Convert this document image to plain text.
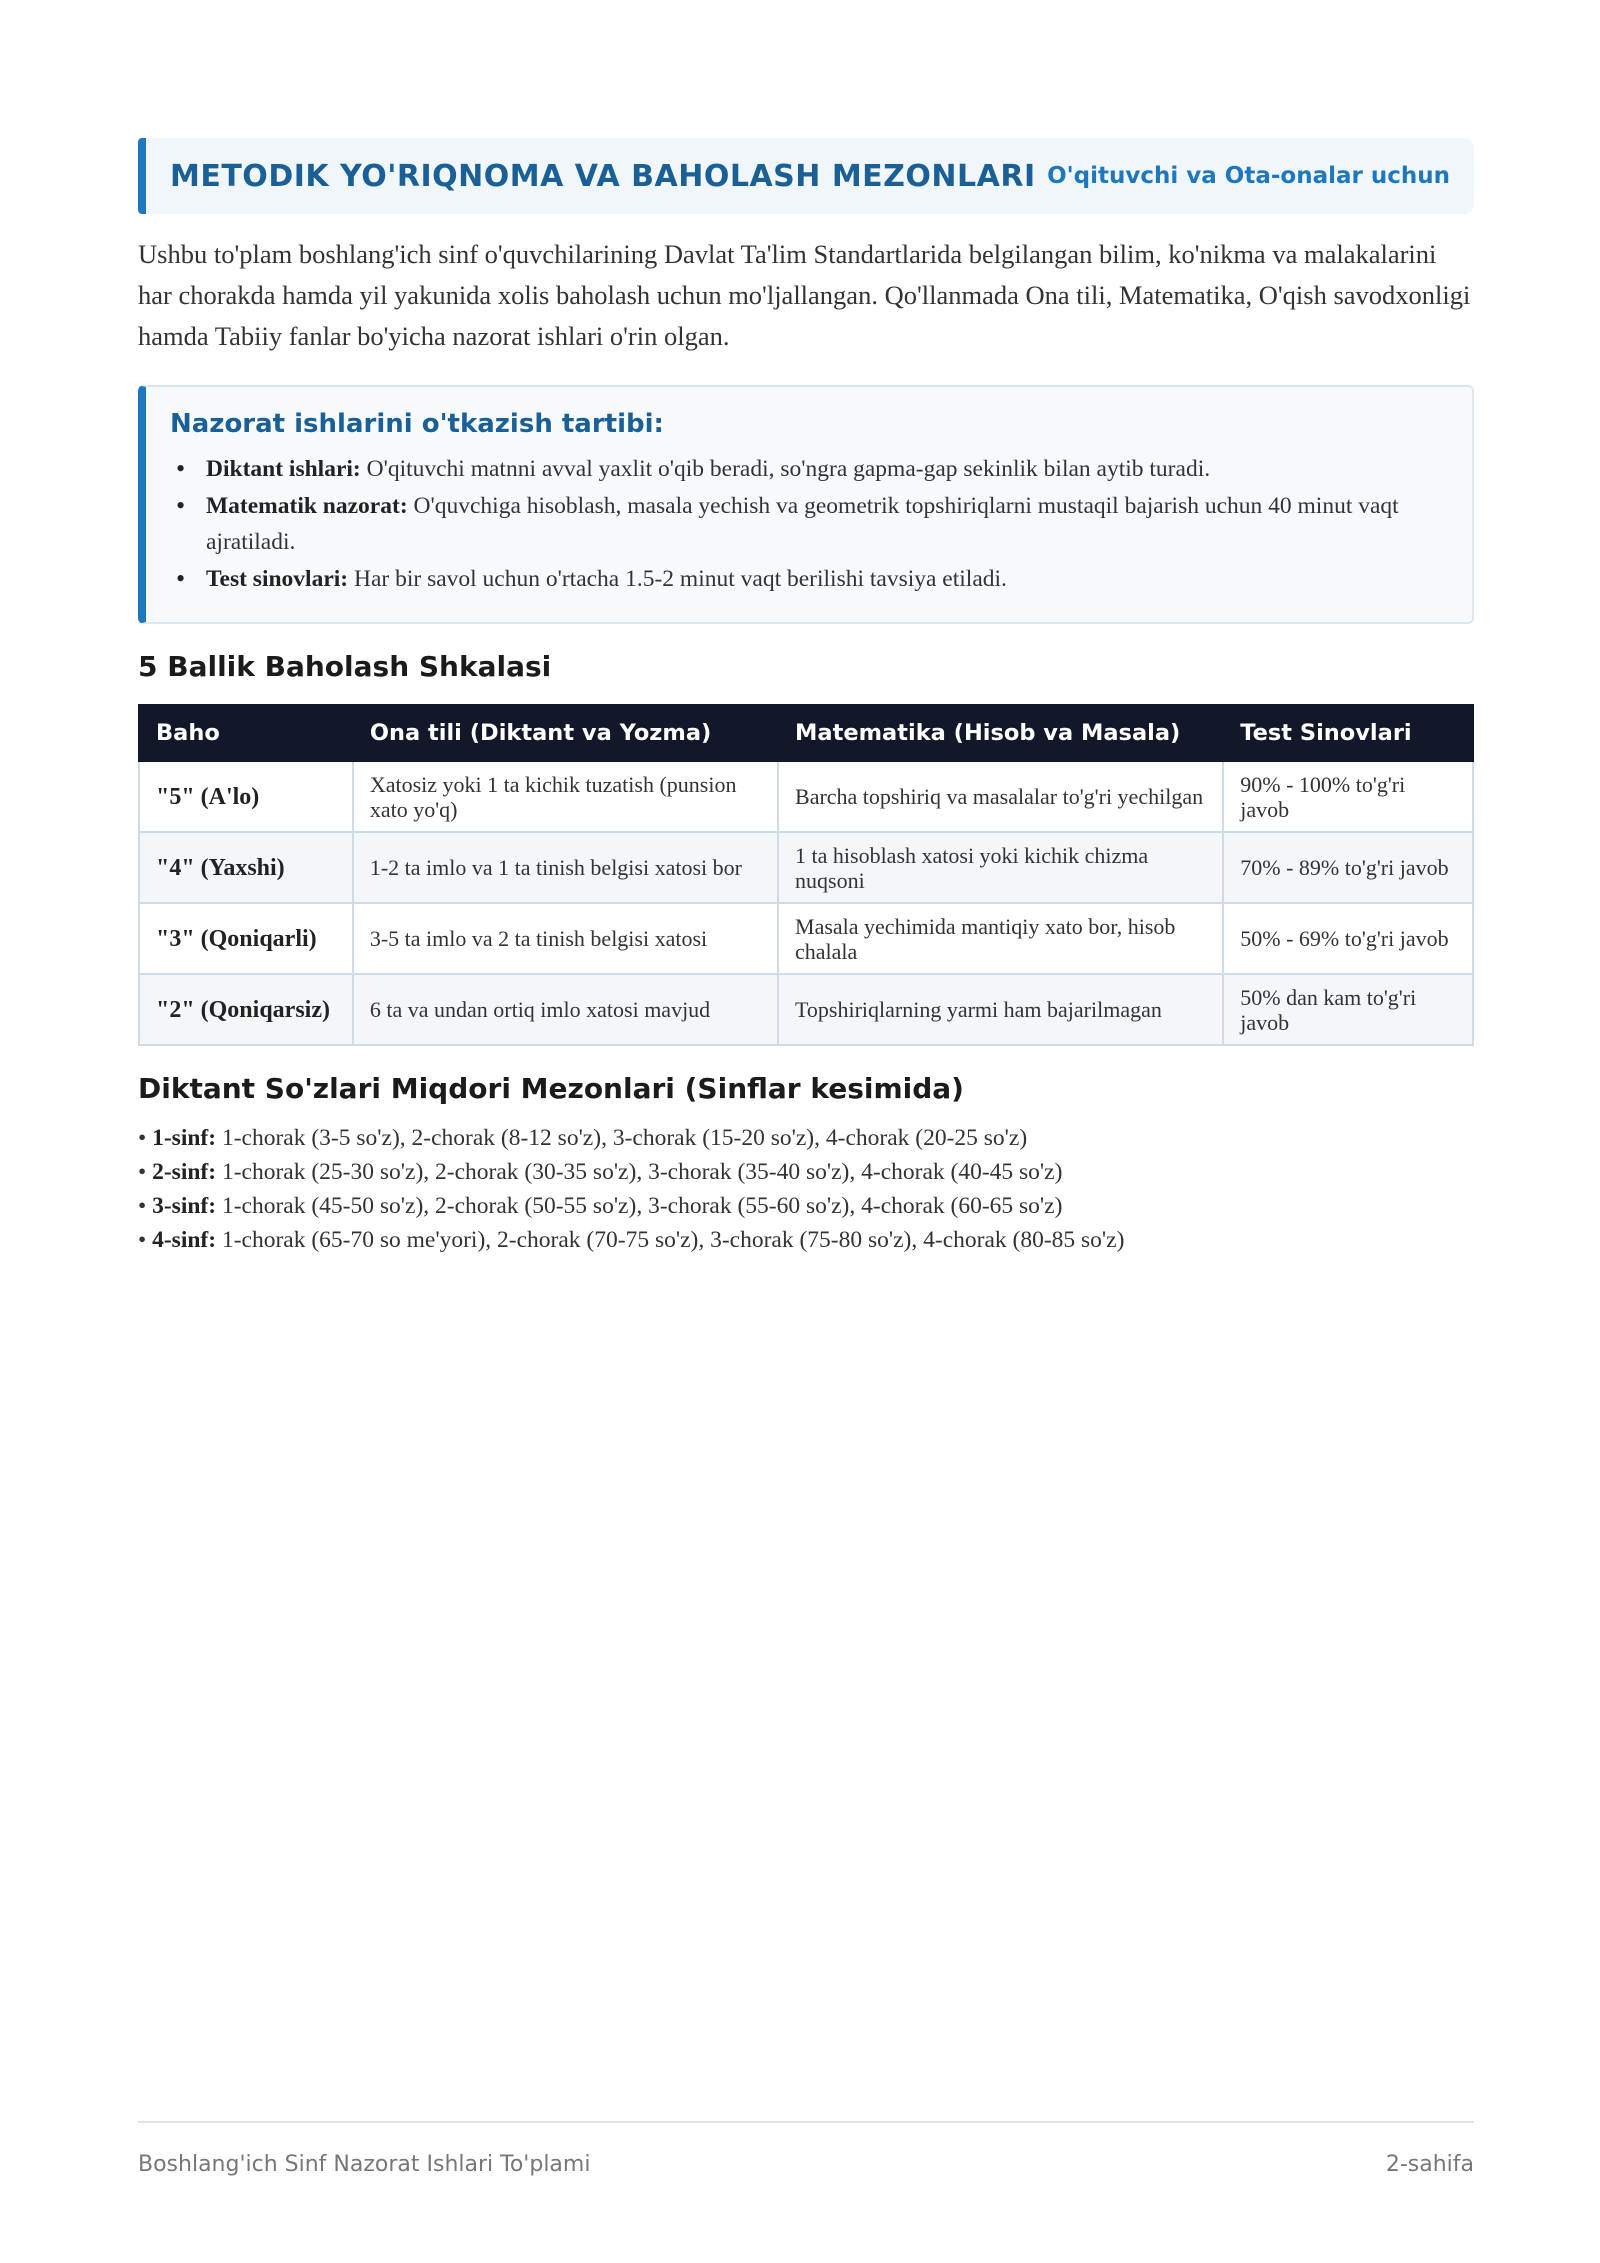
METODIK YO'RIQNOMA VA BAHOLASH MEZONLARI O'qituvchi va Ota-onalar uchun

Ushbu to'plam boshlang'ich sinf o'quvchilarining Davlat Ta'lim Standartlarida belgilangan bilim, ko'nikma va malakalarini har chorakda hamda yil yakunida xolis baholash uchun mo'ljallangan. Qo'llanmada Ona tili, Matematika, O'qish savodxonligi hamda Tabiiy fanlar bo'yicha nazorat ishlari o'rin olgan.

Nazorat ishlarini o'tkazish tartibi:
• Diktant ishlari: O'qituvchi matnni avval yaxlit o'qib beradi, so'ngra gapma-gap sekinlik bilan aytib turadi.
• Matematik nazorat: O'quvchiga hisoblash, masala yechish va geometrik topshiriqlarni mustaqil bajarish uchun 40 minut vaqt ajratiladi.
• Test sinovlari: Har bir savol uchun o'rtacha 1.5-2 minut vaqt berilishi tavsiya etiladi.
5 Ballik Baholash Shkalasi
Baho	Ona tili (Diktant va Yozma)	Matematika (Hisob va Masala)	Test Sinovlari
"5" (A'lo)	Xatosiz yoki 1 ta kichik tuzatish (punsion xato yo'q)	Barcha topshiriq va masalalar to'g'ri yechilgan	90% - 100% to'g'ri javob
"4" (Yaxshi)	1-2 ta imlo va 1 ta tinish belgisi xatosi bor	1 ta hisoblash xatosi yoki kichik chizma nuqsoni	70% - 89% to'g'ri javob
"3" (Qoniqarli)	3-5 ta imlo va 2 ta tinish belgisi xatosi	Masala yechimida mantiqiy xato bor, hisob chalala	50% - 69% to'g'ri javob
"2" (Qoniqarsiz)	6 ta va undan ortiq imlo xatosi mavjud	Topshiriqlarning yarmi ham bajarilmagan	50% dan kam to'g'ri javob
Diktant So'zlari Miqdori Mezonlari (Sinflar kesimida)
• 1-sinf: 1-chorak (3-5 so'z), 2-chorak (8-12 so'z), 3-chorak (15-20 so'z), 4-chorak (20-25 so'z)
• 2-sinf: 1-chorak (25-30 so'z), 2-chorak (30-35 so'z), 3-chorak (35-40 so'z), 4-chorak (40-45 so'z)
• 3-sinf: 1-chorak (45-50 so'z), 2-chorak (50-55 so'z), 3-chorak (55-60 so'z), 4-chorak (60-65 so'z)
• 4-sinf: 1-chorak (65-70 so me'yori), 2-chorak (70-75 so'z), 3-chorak (75-80 so'z), 4-chorak (80-85 so'z)
Boshlang'ich Sinf Nazorat Ishlari To'plami	2-sahifa
